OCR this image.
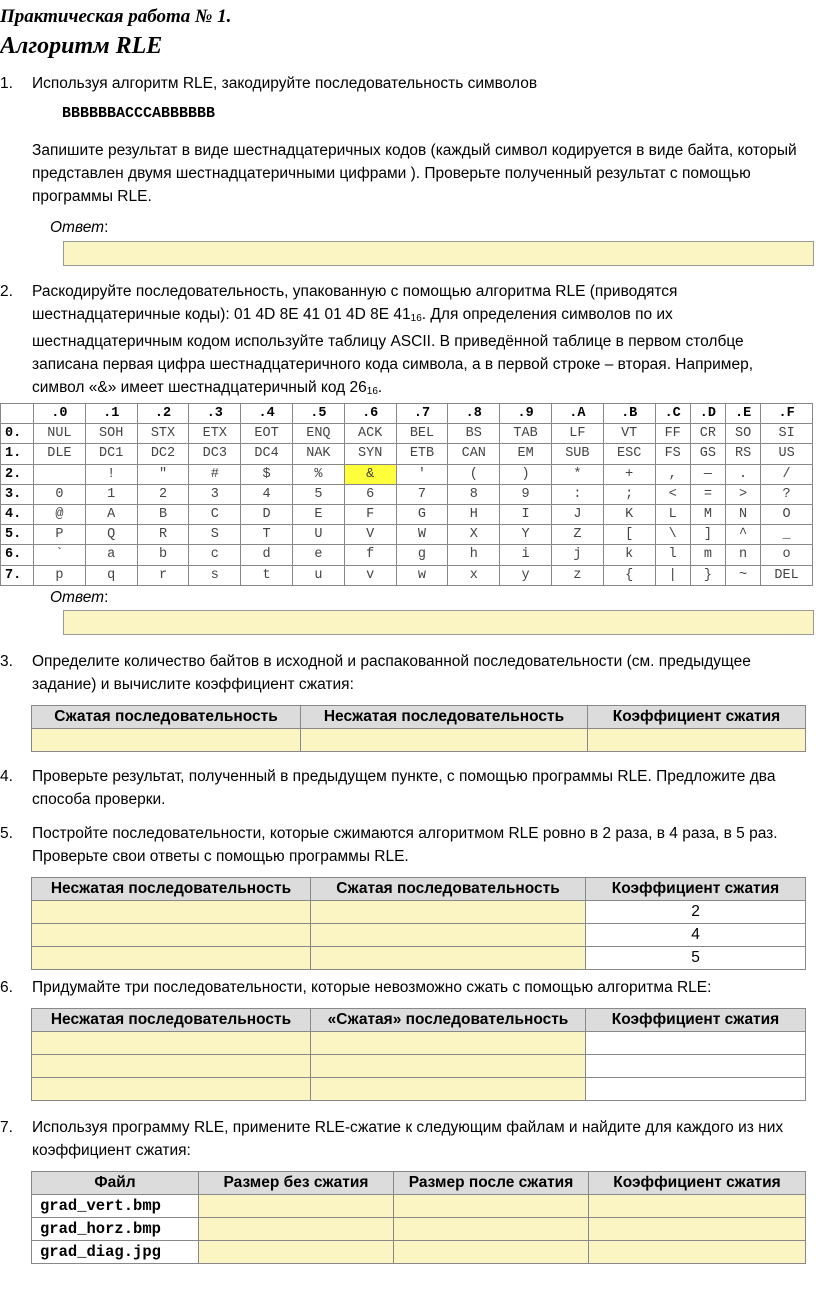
Практическая работа № 1.
Алгоритм RLE
1. Используя алгоритм RLE, закодируйте последовательность символов
BBBBBBACCCABBBBBB
Запишите результат в виде шестнадцатеричных кодов (каждый символ кодируется в виде байта, который представлен двумя шестнадцатеричными цифрами ). Проверьте полученный результат с помощью программы RLE.
Ответ:
2. Раскодируйте последовательность, упакованную с помощью алгоритма RLE (приводятся шестнадцатеричные коды): 01 4D 8E 41 01 4D 8E $41_{16}$. Для определения символов по их шестнадцатеричным кодом используйте таблицу ASCII. В приведённой таблице в первом столбце записана первая цифра шестнадцатеричного кода символа, а в первой строке – вторая. Например, символ «&» имеет шестнадцатеричный код $26_{16}$.
	.0	.1	.2	.3	.4	.5	.6	.7	.8	.9	.A	.B	.C	.D	.E	.F
0.	NUL	SOH	STX	ETX	EOT	ENQ	ACK	BEL	BS	TAB	LF	VT	FF	CR	SO	SI
1.	DLE	DC1	DC2	DC3	DC4	NAK	SYN	ETB	CAN	EM	SUB	ESC	FS	GS	RS	US
2.		!	"	#	$	%	&	'	(	)	*	+	,	—	.	/
3.	0	1	2	3	4	5	6	7	8	9	:	;	<	=	>	?
4.	@	A	B	C	D	E	F	G	H	I	J	K	L	M	N	O
5.	P	Q	R	S	T	U	V	W	X	Y	Z	[	\	]	^	_
6.	`	a	b	c	d	e	f	g	h	i	j	k	l	m	n	o
7.	p	q	r	s	t	u	v	w	x	y	z	{	|	}	~	DEL
Ответ:
3. Определите количество байтов в исходной и распакованной последовательности (см. предыдущее задание) и вычислите коэффициент сжатия:
Сжатая последовательность	Несжатая последовательность	Коэффициент сжатия

4. Проверьте результат, полученный в предыдущем пункте, с помощью программы RLE. Предложите два способа проверки.
5. Постройте последовательности, которые сжимаются алгоритмом RLE ровно в 2 раза, в 4 раза, в 5 раз. Проверьте свои ответы с помощью программы RLE.
Несжатая последовательность	Сжатая последовательность	Коэффициент сжатия
		2
		4
		5
6. Придумайте три последовательности, которые невозможно сжать с помощью алгоритма RLE:
Несжатая последовательность	«Сжатая» последовательность	Коэффициент сжатия

7. Используя программу RLE, примените RLE-сжатие к следующим файлам и найдите для каждого из них коэффициент сжатия:
Файл	Размер без сжатия	Размер после сжатия	Коэффициент сжатия
grad_vert.bmp			
grad_horz.bmp			
grad_diag.jpg			
